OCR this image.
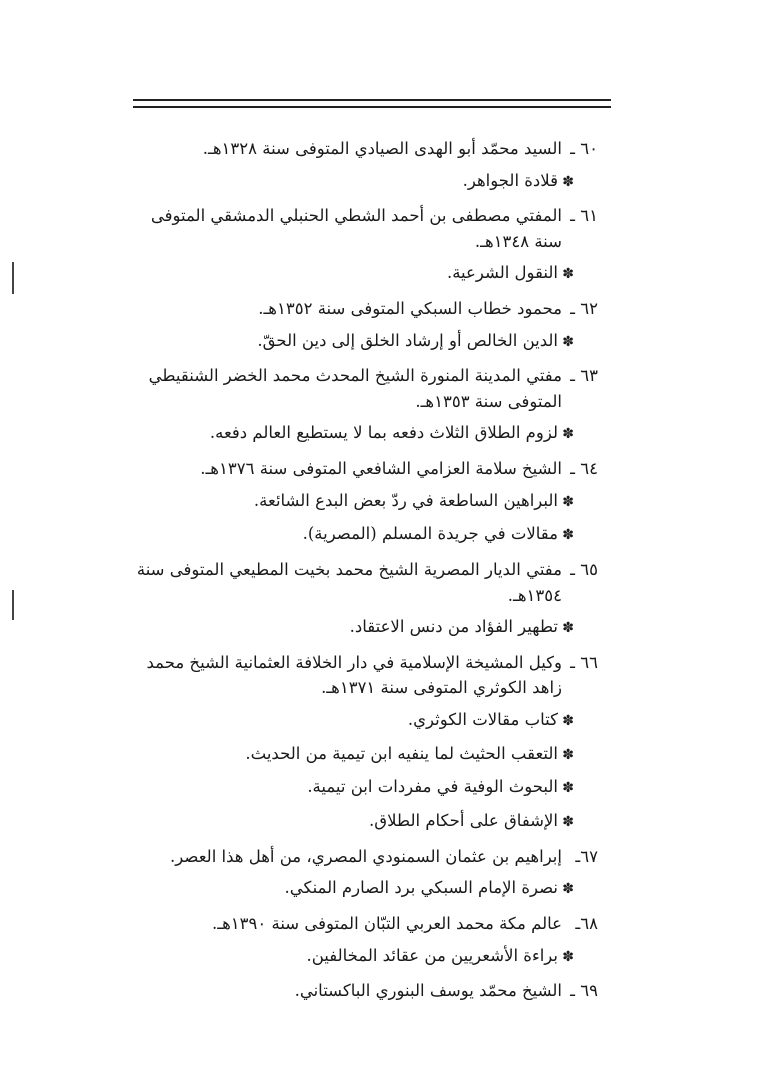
٦٠ ـ
السيد محمّد أبو الهدى الصيادي المتوفى سنة ١٣٢٨هـ.
✽قلادة الجواهر.
٦١ ـ
المفتي مصطفى بن أحمد الشطي الحنبلي الدمشقي المتوفى سنة ١٣٤٨هـ.
✽النقول الشرعية.
٦٢ ـ
محمود خطاب السبكي المتوفى سنة ١٣٥٢هـ.
✽الدين الخالص أو إرشاد الخلق إلى دين الحقّ.
٦٣ ـ
مفتي المدينة المنورة الشيخ المحدث محمد الخضر الشنقيطي المتوفى سنة ١٣٥٣هـ.
✽لزوم الطلاق الثلاث دفعه بما لا يستطيع العالم دفعه.
٦٤ ـ
الشيخ سلامة العزامي الشافعي المتوفى سنة ١٣٧٦هـ.
✽البراهين الساطعة في ردّ بعض البدع الشائعة.
✽مقالات في جريدة المسلم (المصرية).
٦٥ ـ
مفتي الديار المصرية الشيخ محمد بخيت المطيعي المتوفى سنة ١٣٥٤هـ.
✽تطهير الفؤاد من دنس الاعتقاد.
٦٦ ـ
وكيل المشيخة الإسلامية في دار الخلافة العثمانية الشيخ محمد زاهد الكوثري المتوفى سنة ١٣٧١هـ.
✽كتاب مقالات الكوثري.
✽التعقب الحثيث لما ينفيه ابن تيمية من الحديث.
✽البحوث الوفية في مفردات ابن تيمية.
✽الإشفاق على أحكام الطلاق.
٦٧ـ
إبراهيم بن عثمان السمنودي المصري، من أهل هذا العصر.
✽نصرة الإمام السبكي برد الصارم المنكي.
٦٨ـ
عالم مكة محمد العربي التبّان المتوفى سنة ١٣٩٠هـ.
✽براءة الأشعريين من عقائد المخالفين.
٦٩ ـ
الشيخ محمّد يوسف البنوري الباكستاني.
